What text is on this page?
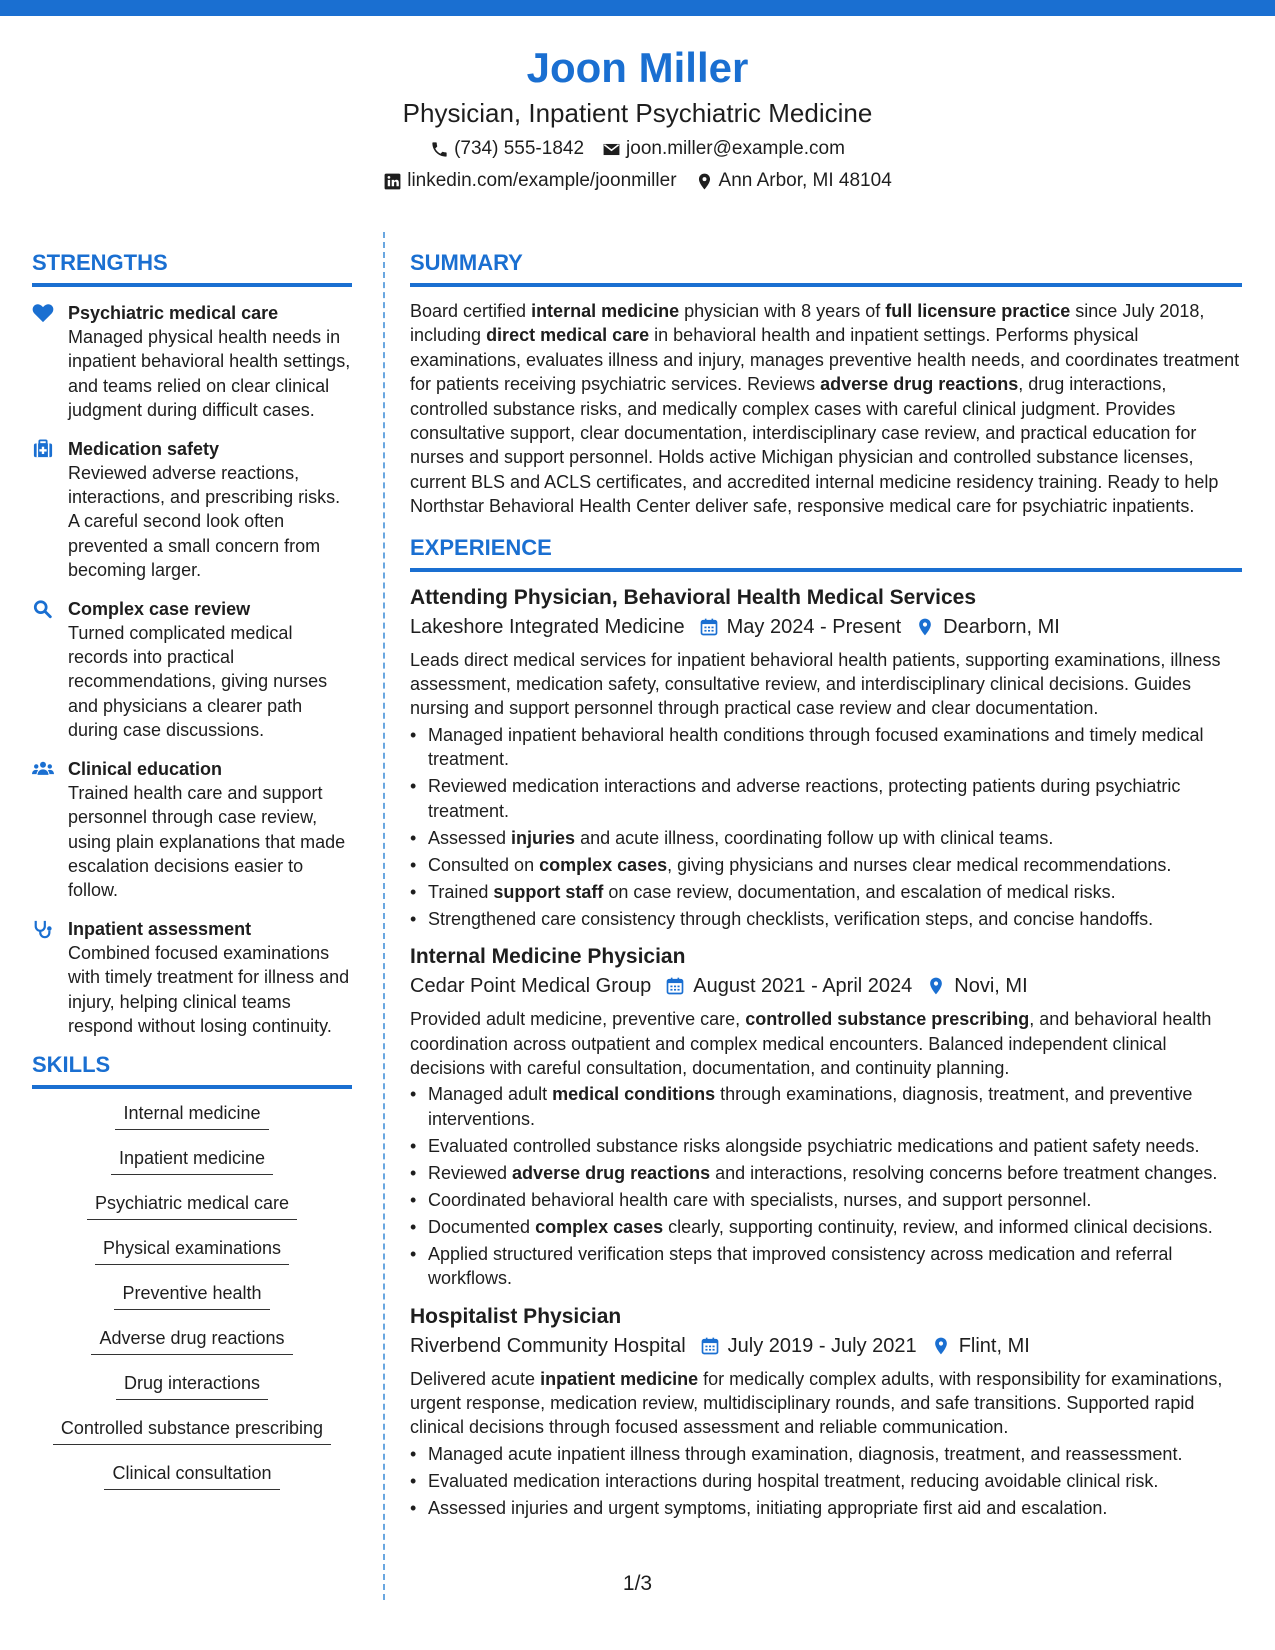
Joon Miller
Physician, Inpatient Psychiatric Medicine
(734) 555-1842 joon.miller@example.com
linkedin.com/example/joonmiller Ann Arbor, MI 48104
STRENGTHS
Psychiatric medical care
Managed physical health needs in inpatient behavioral health settings, and teams relied on clear clinical judgment during difficult cases.
Medication safety
Reviewed adverse reactions, interactions, and prescribing risks. A careful second look often prevented a small concern from becoming larger.
Complex case review
Turned complicated medical records into practical recommendations, giving nurses and physicians a clearer path during case discussions.
Clinical education
Trained health care and support personnel through case review, using plain explanations that made escalation decisions easier to follow.
Inpatient assessment
Combined focused examinations with timely treatment for illness and injury, helping clinical teams respond without losing continuity.
SKILLS
Internal medicine
Inpatient medicine
Psychiatric medical care
Physical examinations
Preventive health
Adverse drug reactions
Drug interactions
Controlled substance prescribing
Clinical consultation
SUMMARY
Board certified internal medicine physician with 8 years of full licensure practice since July 2018, including direct medical care in behavioral health and inpatient settings. Performs physical examinations, evaluates illness and injury, manages preventive health needs, and coordinates treatment for patients receiving psychiatric services. Reviews adverse drug reactions, drug interactions, controlled substance risks, and medically complex cases with careful clinical judgment. Provides consultative support, clear documentation, interdisciplinary case review, and practical education for nurses and support personnel. Holds active Michigan physician and controlled substance licenses, current BLS and ACLS certificates, and accredited internal medicine residency training. Ready to help Northstar Behavioral Health Center deliver safe, responsive medical care for psychiatric inpatients.
EXPERIENCE
Attending Physician, Behavioral Health Medical Services
Lakeshore Integrated Medicine May 2024 - Present Dearborn, MI
Leads direct medical services for inpatient behavioral health patients, supporting examinations, illness assessment, medication safety, consultative review, and interdisciplinary clinical decisions. Guides nursing and support personnel through practical case review and clear documentation.
• Managed inpatient behavioral health conditions through focused examinations and timely medical treatment.
• Reviewed medication interactions and adverse reactions, protecting patients during psychiatric treatment.
• Assessed injuries and acute illness, coordinating follow up with clinical teams.
• Consulted on complex cases, giving physicians and nurses clear medical recommendations.
• Trained support staff on case review, documentation, and escalation of medical risks.
• Strengthened care consistency through checklists, verification steps, and concise handoffs.
Internal Medicine Physician
Cedar Point Medical Group August 2021 - April 2024 Novi, MI
Provided adult medicine, preventive care, controlled substance prescribing, and behavioral health coordination across outpatient and complex medical encounters. Balanced independent clinical decisions with careful consultation, documentation, and continuity planning.
• Managed adult medical conditions through examinations, diagnosis, treatment, and preventive interventions.
• Evaluated controlled substance risks alongside psychiatric medications and patient safety needs.
• Reviewed adverse drug reactions and interactions, resolving concerns before treatment changes.
• Coordinated behavioral health care with specialists, nurses, and support personnel.
• Documented complex cases clearly, supporting continuity, review, and informed clinical decisions.
• Applied structured verification steps that improved consistency across medication and referral workflows.
Hospitalist Physician
Riverbend Community Hospital July 2019 - July 2021 Flint, MI
Delivered acute inpatient medicine for medically complex adults, with responsibility for examinations, urgent response, medication review, multidisciplinary rounds, and safe transitions. Supported rapid clinical decisions through focused assessment and reliable communication.
• Managed acute inpatient illness through examination, diagnosis, treatment, and reassessment.
• Evaluated medication interactions during hospital treatment, reducing avoidable clinical risk.
• Assessed injuries and urgent symptoms, initiating appropriate first aid and escalation.
1/3
